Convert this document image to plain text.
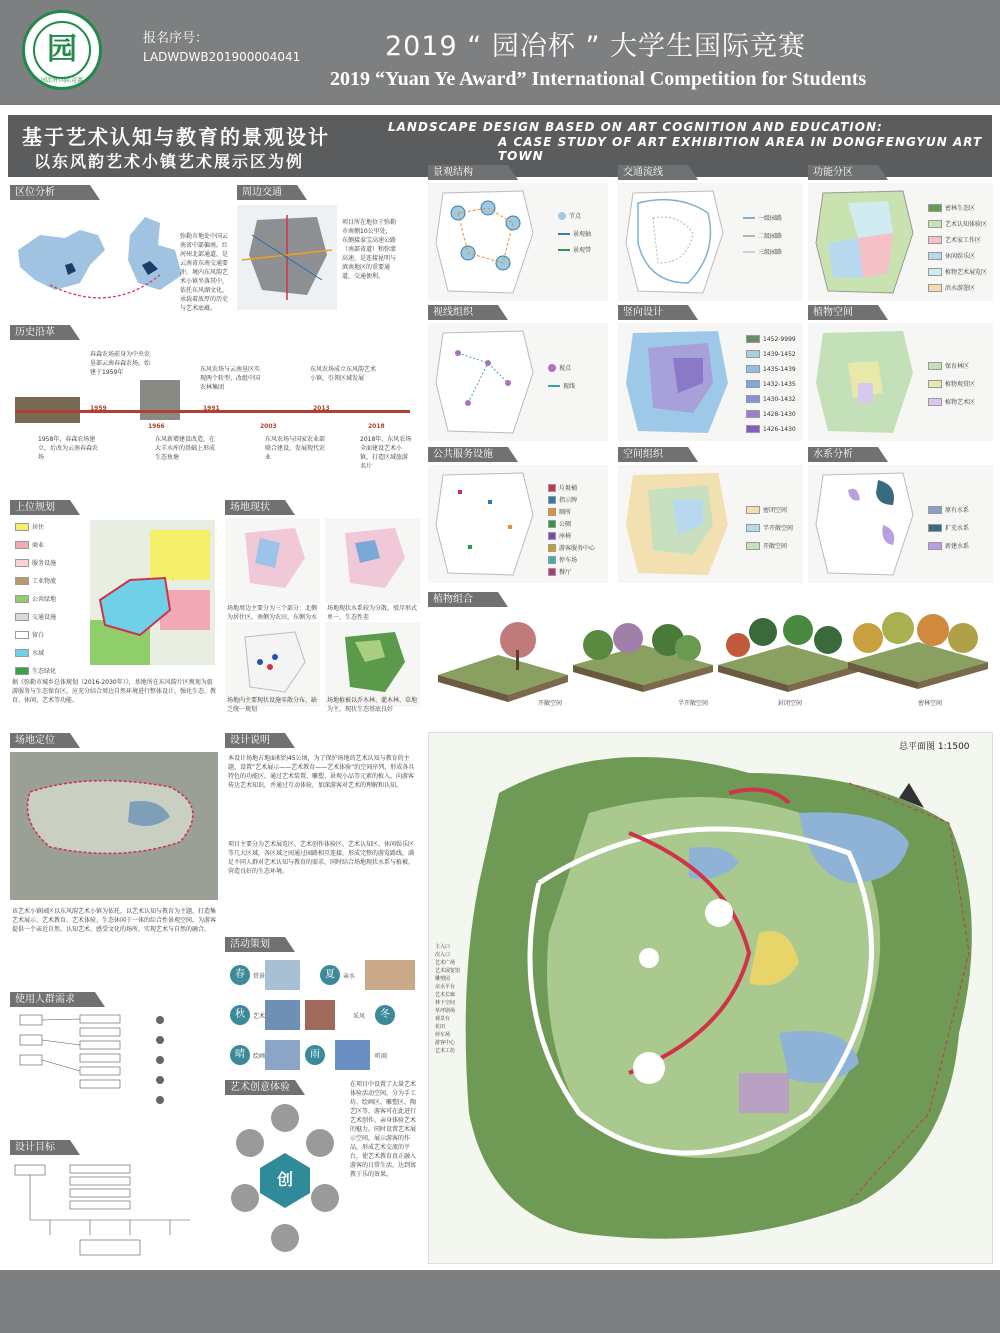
园
园冶杯国际竞赛
报名序号：
LADWDWB201900004041	2019 “ 园冶杯 ” 大学生国际竞赛
2019 “Yuan Ye Award” International Competition for Students
基于艺术认知与教育的景观设计
以东风韵艺术小镇艺术展示区为例
LANDSCAPE DESIGN BASED ON ART COGNITION AND EDUCATION:
A CASE STUDY OF ART EXHIBITION AREA IN DONGFENGYUN ART TOWN
区位分析
弥勒市地处中国云南省中部偏南，红河州北部通道，是云南省东南交通要冲，境内东风韵艺术小镇坐落其中，依托东风湖文化，承载着浓厚的历史与艺术底蕴。
周边交通
项目所在地位于弥勒市南侧10公里处，东侧接泰宝高速公路（南部省道）和弥蒙高速，是连接昆明与滇南地区的重要通道，交通便利。
历史沿革
1959
1966
1991
2003
2013
2018
春森农场前身为中央农垦部云南春森农场，始建于1959年	东风农场与云南垦区实现两个转型，改组中国农林集团
东风农场成立东风韵艺术小镇，引领区域发展
1958年，春森农场建立，后改为云南春森农场
东风新增建设改造，在大羊水库的基础上形成生态鱼塘
东风农场与国家农业部联合建设，发展现代农业
2018年，东风农场全面建设艺术小镇，打造区域旅游名片
上位规划
居住
商业
服务设施
工业物流
公共绿地
交通设施
留白
水域
生态绿化
据《弥勒市城乡总体规划（2016-2030年）》，基地所在东风韵片区规划为旅游服务与生态保育区，应充分结合周边自然环境进行整体设计，强化生态、教育、休闲、艺术等功能。
场地现状
场地周边主要分为三个部分：北侧为居住区，南侧为农田，东侧为水
场地现状水系较为分散，驳岸形式单一，生态性差
场地内主要现状设施零散分布，缺乏统一规划
场地植被以乔木林、灌木林、草地为主，现状生态基底良好
场地定位
该艺术小镇园区以东风韵艺术小镇为依托，以艺术认知与教育为主题，打造集艺术展示、艺术教育、艺术体验、生态休闲于一体的综合性景观空间，为游客提供一个亲近自然、认知艺术、感受文化的场所，实现艺术与自然的融合。
设计说明
本设计场地占地面积约45公顷，为了保护场地的艺术认知与教育的主题，设置“艺术展示——艺术教育——艺术体验”的空间序列，形成各具特色的功能区，通过艺术装置、雕塑、景观小品等元素的植入，向游客传达艺术知识，并通过互动体验，加深游客对艺术的理解和认知。
项目主要分为艺术展览区、艺术创作体验区、艺术认知区、休闲娱乐区等几大区域，各区域之间通过园路相互连接，形成完整的游览路线，满足不同人群对艺术认知与教育的需求，同时结合场地现状水系与植被，营造良好的生态环境。
使用人群需求
设计目标
活动策划
春	赏景	夏	亲水
秋	艺术	冬
采风
晴	绘画	雨	听雨
艺术创意体验
创
在项目中设置了大量艺术体验活动空间，分为手工坊、绘画区、雕塑区、陶艺区等，游客可在此进行艺术创作，亲身体验艺术的魅力。同时设置艺术展示空间，展示游客的作品，形成艺术交流的平台，使艺术教育真正融入游客的日常生活，达到寓教于乐的效果。
景观结构
节点
景观轴
景观带
交通流线
一级园路
二级园路
三级园路
功能分区
密林生态区
艺术认知体验区
艺术家工作区
休闲娱乐区
植物艺术展览区
滨水游憩区
视线组织
视点
视线
竖向设计
1452-9999
1439-1452
1435-1439
1432-1435
1430-1432
1428-1430
1426-1430
植物空间
保育林区
植物观赏区
植物艺术区
公共服务设施
垃圾桶
指示牌
厕所
公厕
座椅
游客服务中心
停车场
餐厅
空间组织
密闭空间
半开敞空间
开敞空间
水系分析
原有水系
扩充水系
新建水系
植物组合
开敞空间	半开敞空间	封闭空间	密林空间
总平面图 1:1500
主入口
次入口
艺术广场
艺术展览馆
雕塑园
亲水平台
艺术长廊
林下空间
草坪剧场
观景台
花田
停车场
游客中心
艺术工坊
